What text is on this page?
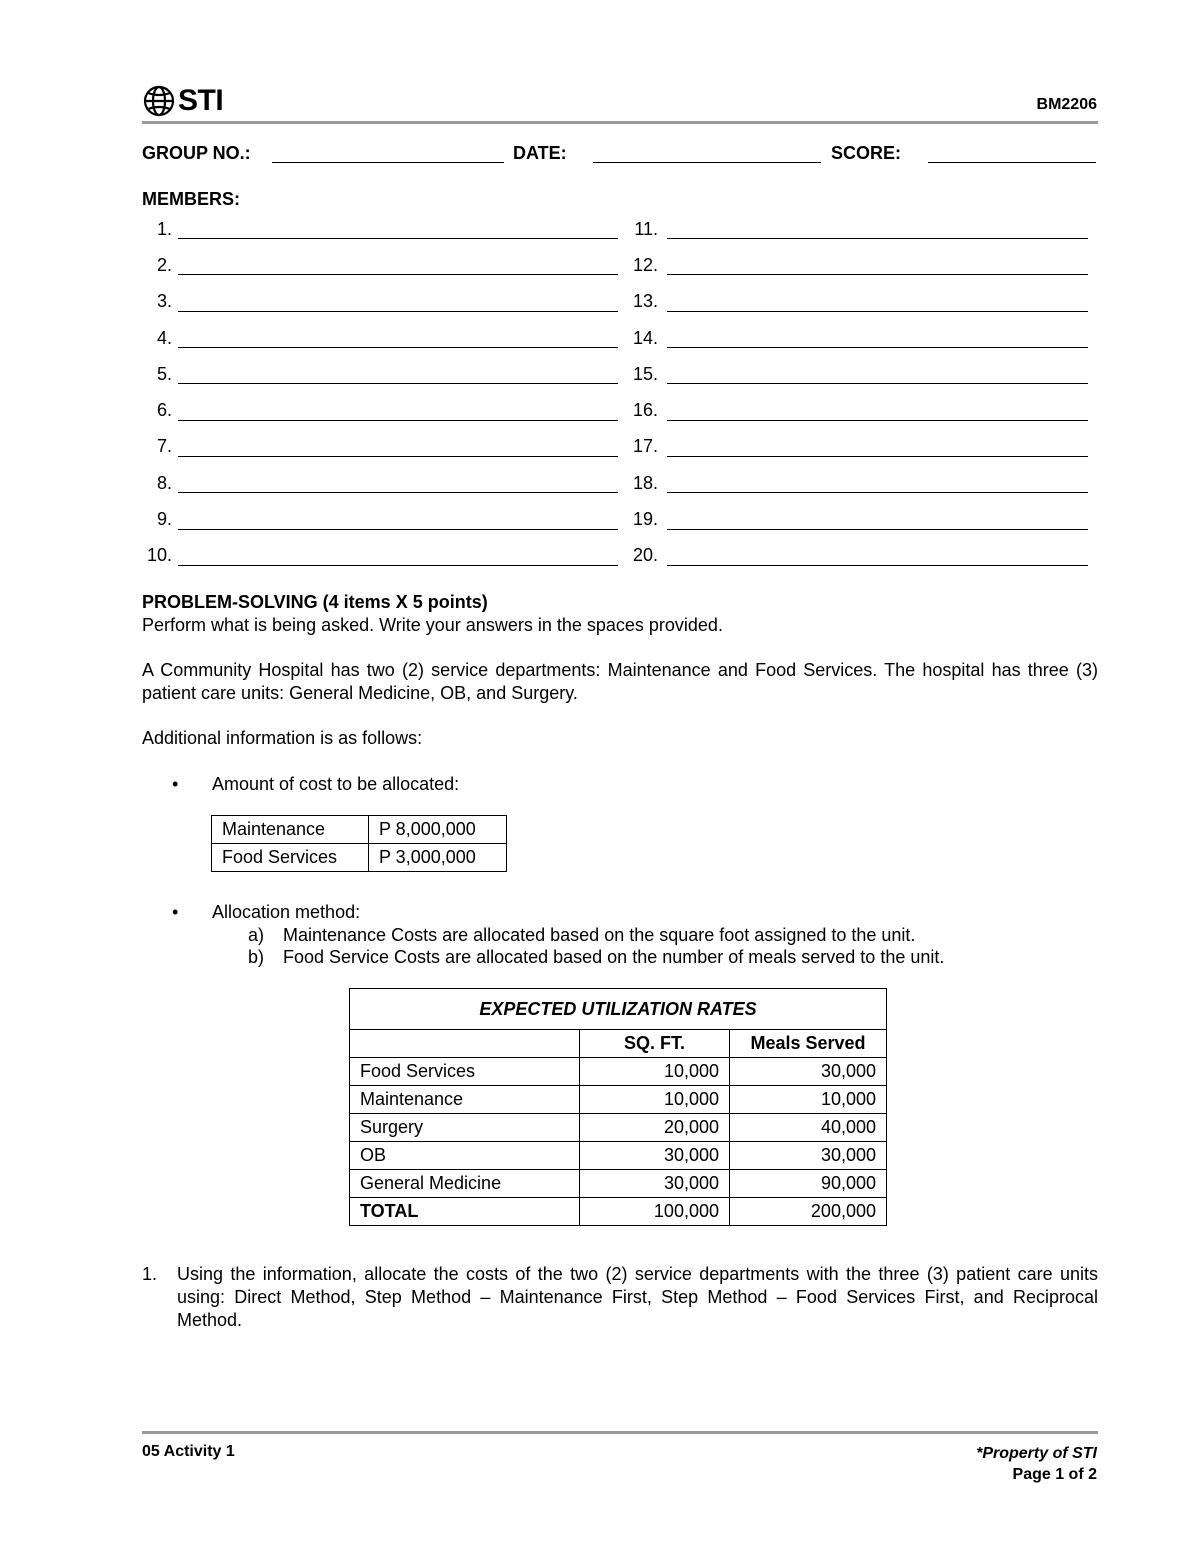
STI	BM2206
GROUP NO.:	DATE:	SCORE:
MEMBERS:
1.
2.
3.
4.
5.
6.
7.
8.
9.
10.
11.
12.
13.
14.
15.
16.
17.
18.
19.
20.
PROBLEM-SOLVING (4 items X 5 points)
Perform what is being asked. Write your answers in the spaces provided.
A Community Hospital has two (2) service departments: Maintenance and Food Services. The hospital has three (3) patient care units: General Medicine, OB, and Surgery.
Additional information is as follows:
• Amount of cost to be allocated:
Maintenance	P 8,000,000
Food Services	P 3,000,000
• Allocation method:
a) Maintenance Costs are allocated based on the square foot assigned to the unit.
b) Food Service Costs are allocated based on the number of meals served to the unit.
EXPECTED UTILIZATION RATES		
	SQ. FT.	Meals Served
Food Services	10,000	30,000
Maintenance	10,000	10,000
Surgery	20,000	40,000
OB	30,000	30,000
General Medicine	30,000	90,000
TOTAL	100,000	200,000
1. Using the information, allocate the costs of the two (2) service departments with the three (3) patient care units using: Direct Method, Step Method – Maintenance First, Step Method – Food Services First, and Reciprocal Method.
05 Activity 1	*Property of STI
Page 1 of 2
